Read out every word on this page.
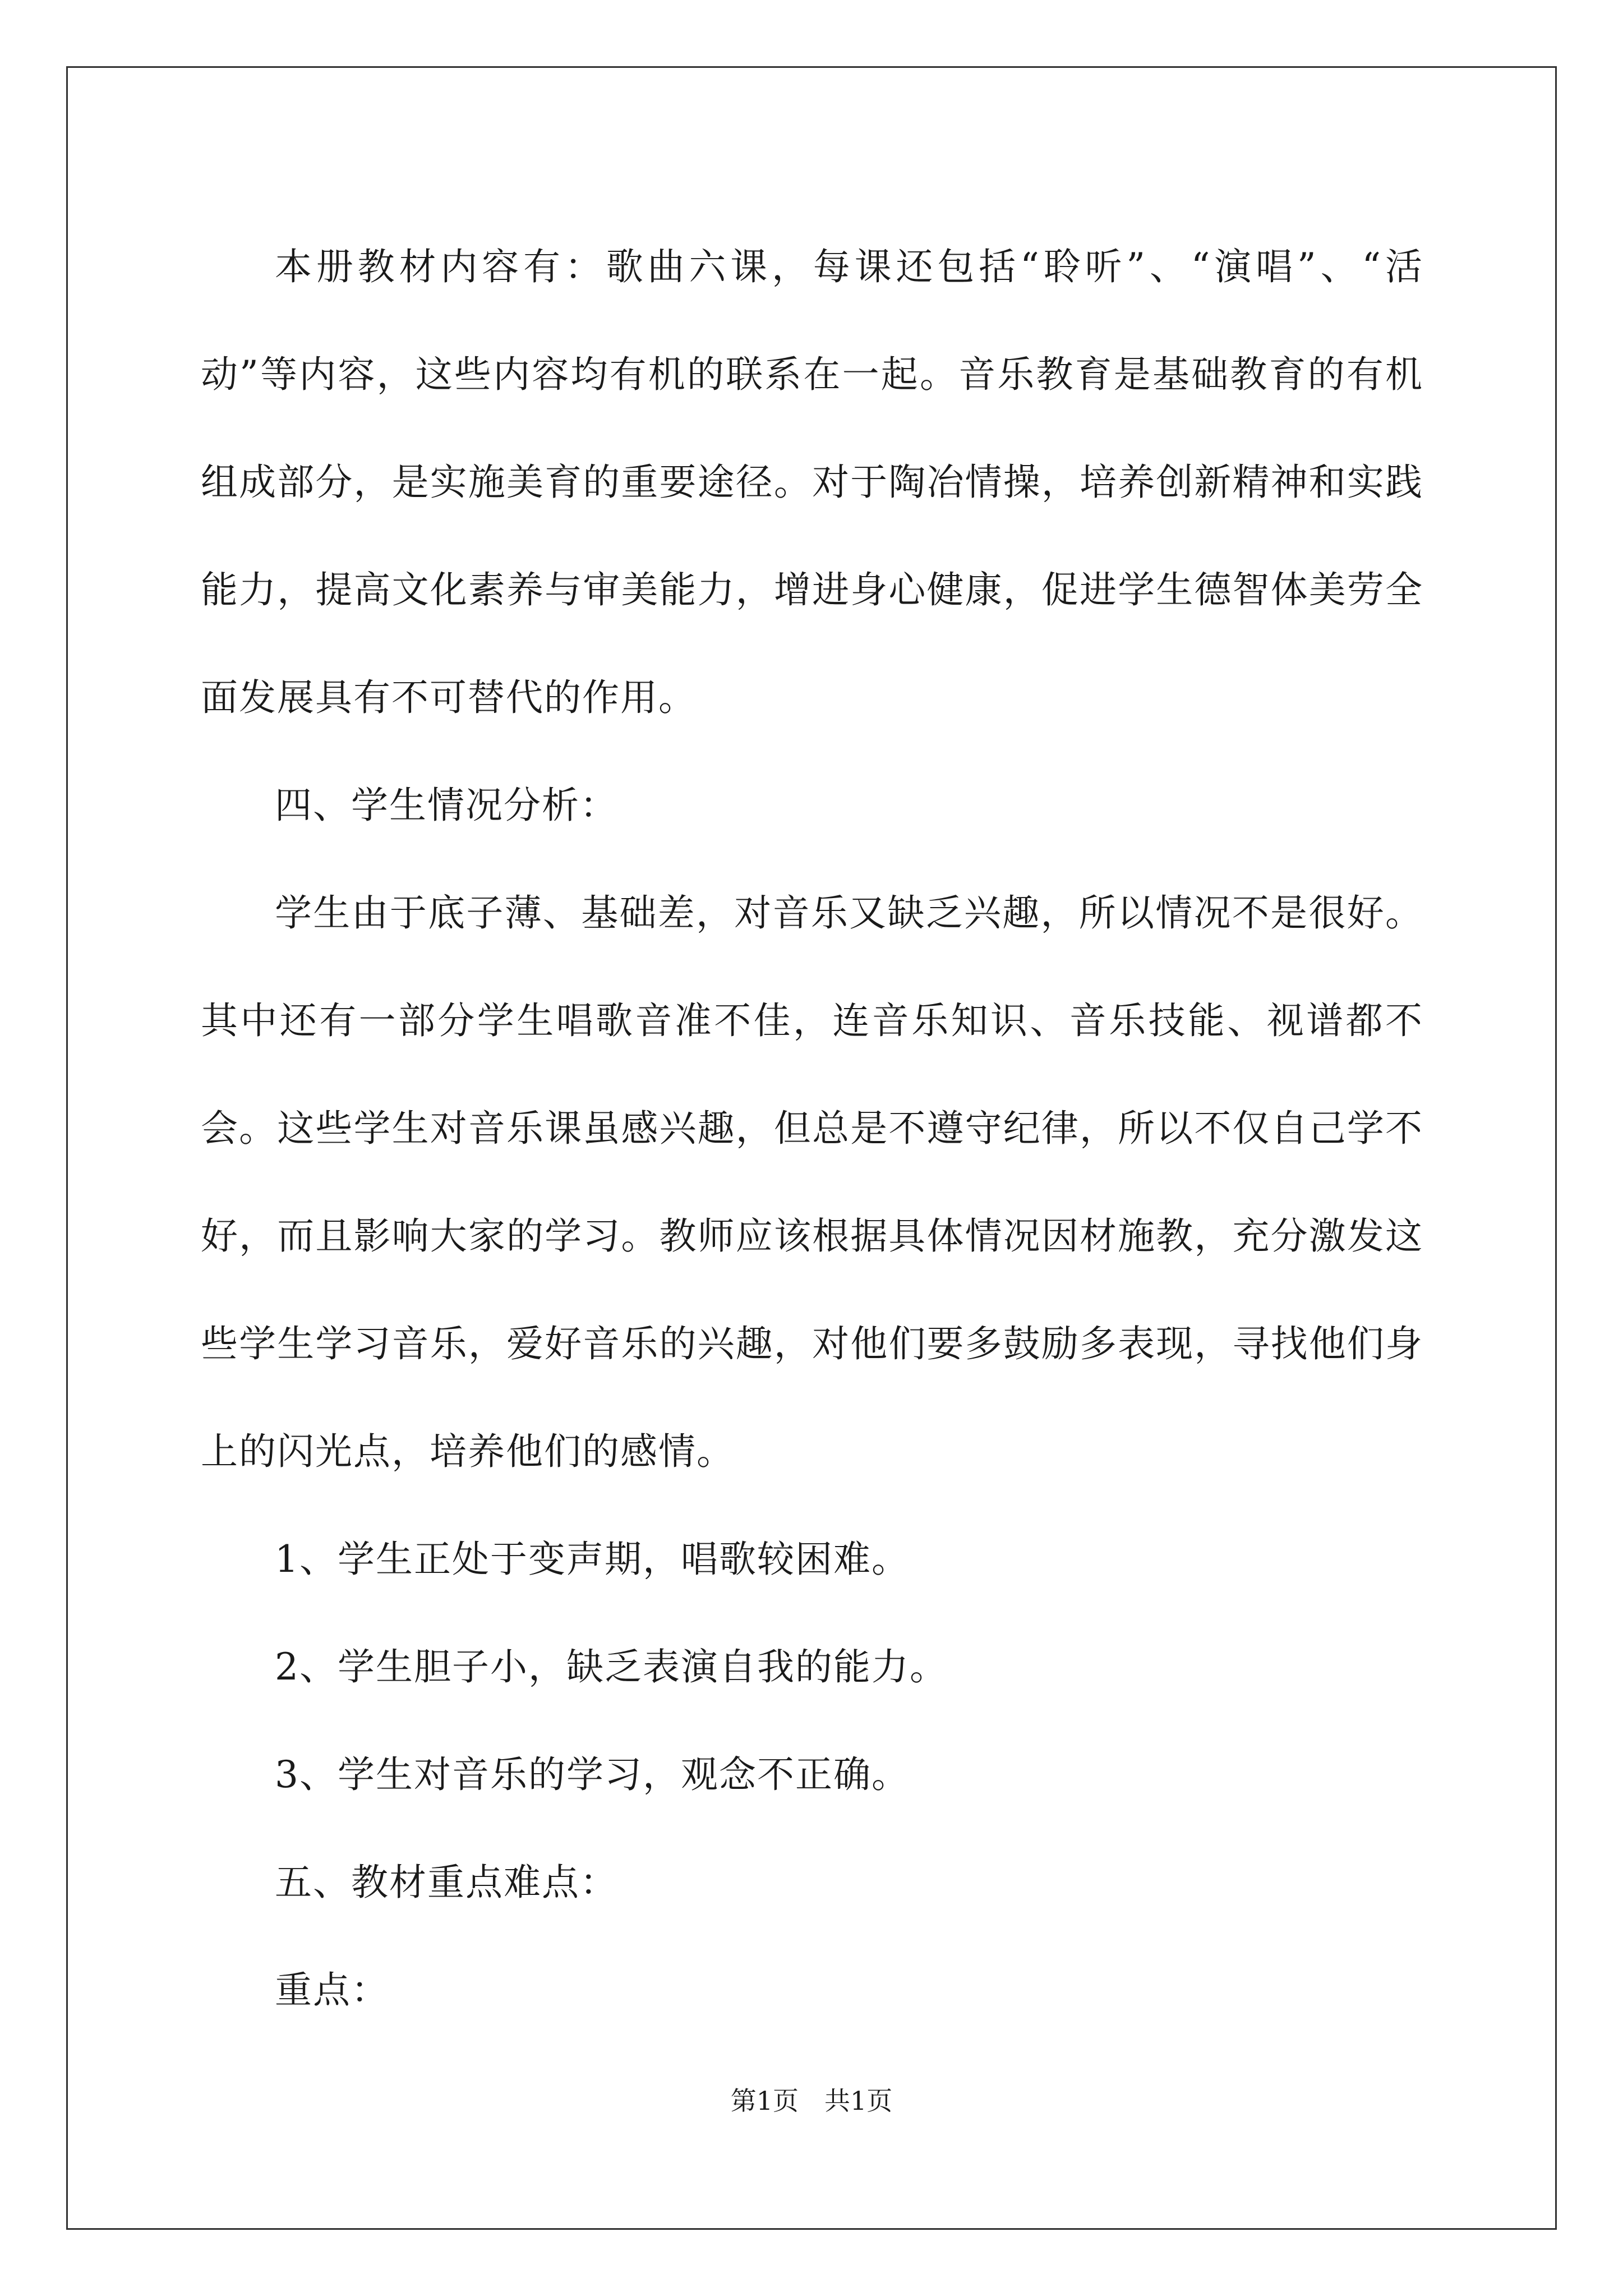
本册教材内容有：歌曲六课，每课还包括“聆听”、“演唱”、“活动”等内容，这些内容均有机的联系在一起。音乐教育是基础教育的有机组成部分，是实施美育的重要途径。对于陶冶情操，培养创新精神和实践能力，提高文化素养与审美能力，增进身心健康，促进学生德智体美劳全面发展具有不可替代的作用。

四、学生情况分析：

学生由于底子薄、基础差，对音乐又缺乏兴趣，所以情况不是很好。其中还有一部分学生唱歌音准不佳，连音乐知识、音乐技能、视谱都不会。这些学生对音乐课虽感兴趣，但总是不遵守纪律，所以不仅自己学不好，而且影响大家的学习。教师应该根据具体情况因材施教，充分激发这些学生学习音乐，爱好音乐的兴趣，对他们要多鼓励多表现，寻找他们身上的闪光点，培养他们的感情。

1、学生正处于变声期，唱歌较困难。

2、学生胆子小，缺乏表演自我的能力。

3、学生对音乐的学习，观念不正确。

五、教材重点难点：

重点：

第1页　共1页
